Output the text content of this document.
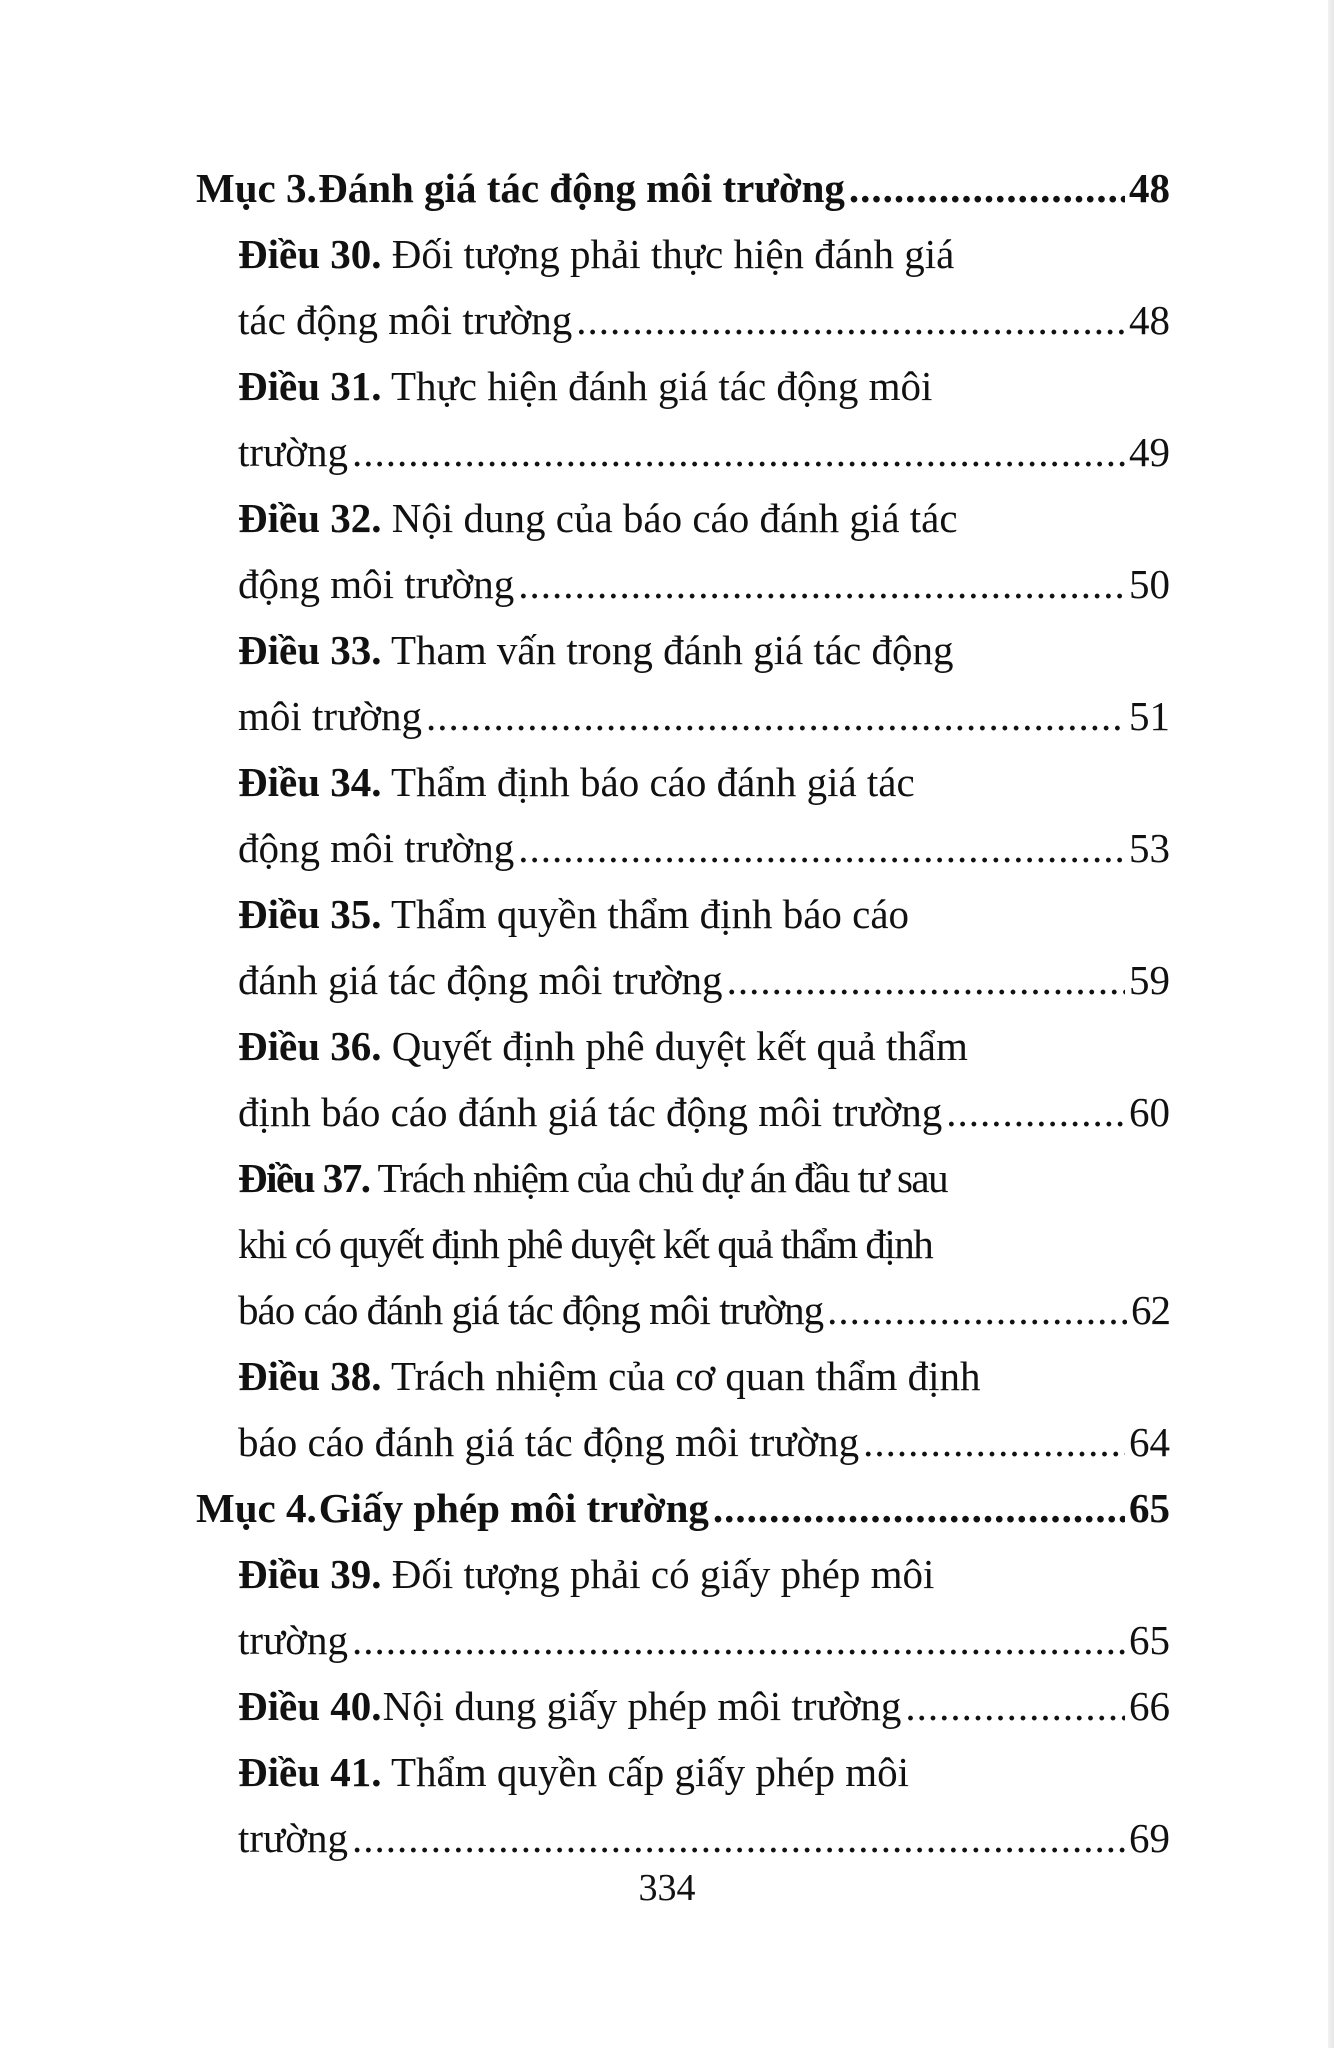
Mục 3. Đánh giá tác động môi trường .....	48
Điều 30. Đối tượng phải thực hiện đánh giá
tác động môi trường .....	48
Điều 31. Thực hiện đánh giá tác động môi
trường .....	49
Điều 32. Nội dung của báo cáo đánh giá tác
động môi trường .....	50
Điều 33. Tham vấn trong đánh giá tác động
môi trường .....	51
Điều 34. Thẩm định báo cáo đánh giá tác
động môi trường .....	53
Điều 35. Thẩm quyền thẩm định báo cáo
đánh giá tác động môi trường .....	59
Điều 36. Quyết định phê duyệt kết quả thẩm
định báo cáo đánh giá tác động môi trường .....	60
Điều 37. Trách nhiệm của chủ dự án đầu tư sau
khi có quyết định phê duyệt kết quả thẩm định
báo cáo đánh giá tác động môi trường .....	62
Điều 38. Trách nhiệm của cơ quan thẩm định
báo cáo đánh giá tác động môi trường .....	64
Mục 4. Giấy phép môi trường .....	65
Điều 39. Đối tượng phải có giấy phép môi
trường .....	65
Điều 40. Nội dung giấy phép môi trường .....	66
Điều 41. Thẩm quyền cấp giấy phép môi
trường .....	69
334
